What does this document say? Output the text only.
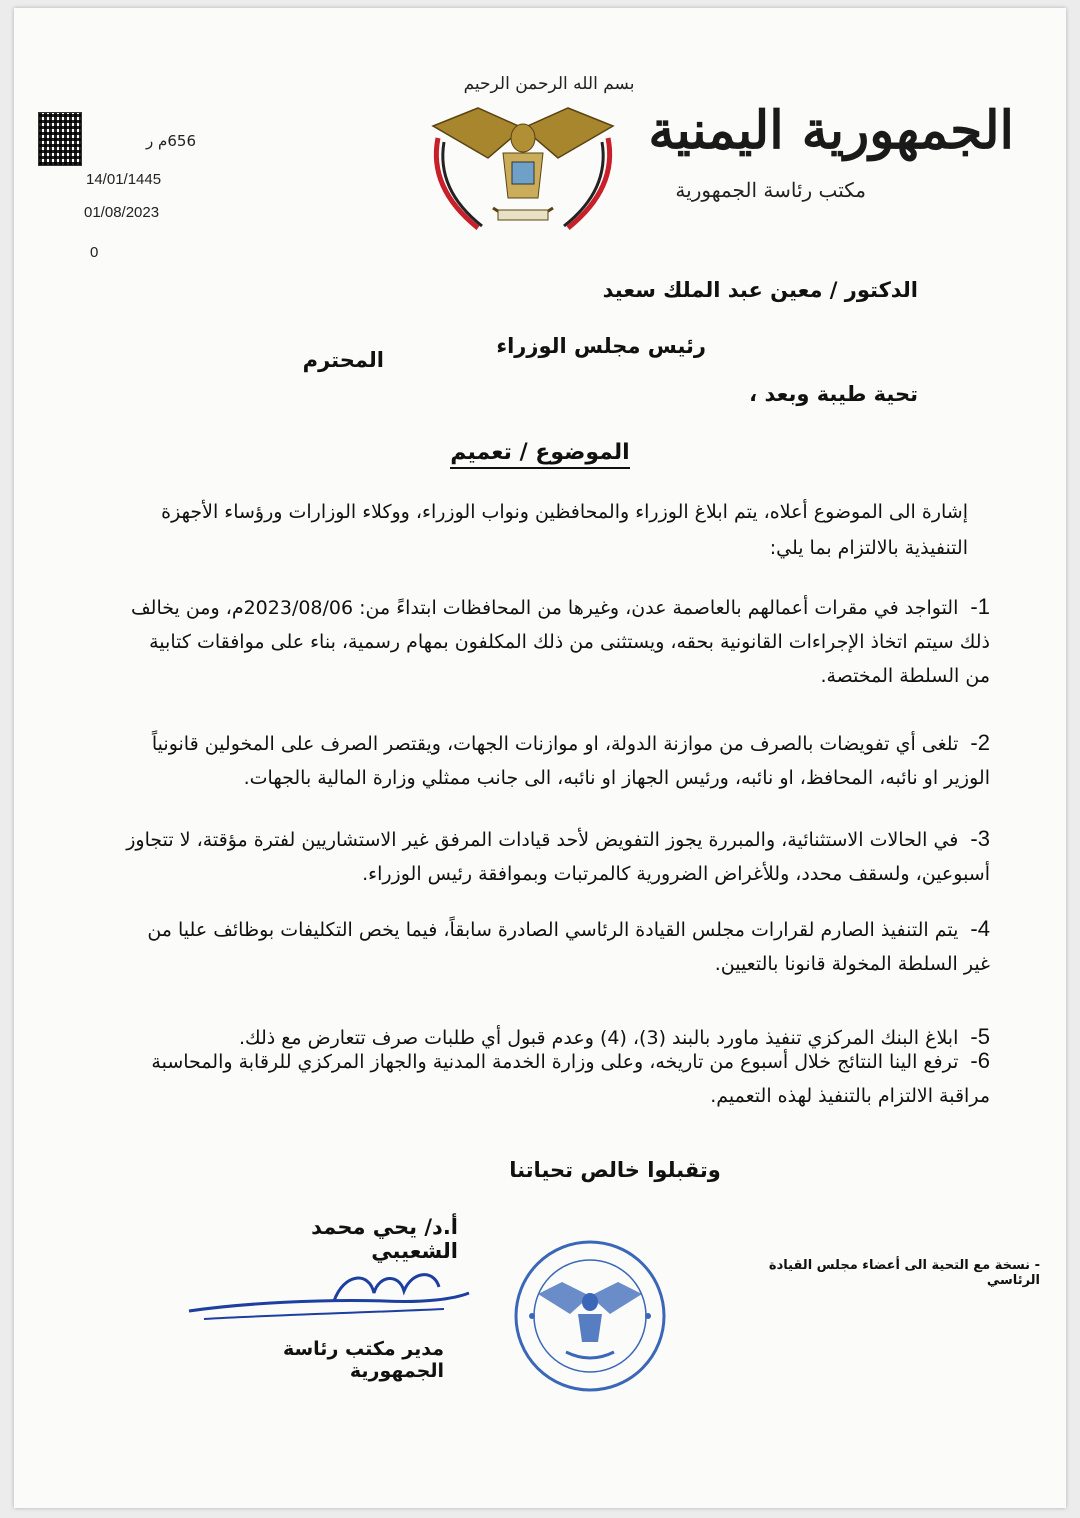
656م ر
14/01/1445
01/08/2023
0
بسم الله الرحمن الرحيم
الجمهورية اليمنية
مكتب رئاسة الجمهورية
الدكتور / معين عبد الملك سعيد
رئيس مجلس الوزراء
المحترم
تحية طيبة وبعد ،
الموضوع / تعميم
إشارة الى الموضوع أعلاه، يتم ابلاغ الوزراء والمحافظين ونواب الوزراء، ووكلاء الوزارات ورؤساء الأجهزة التنفيذية بالالتزام بما يلي:
1- التواجد في مقرات أعمالهم بالعاصمة عدن، وغيرها من المحافظات ابتداءً من: 2023/08/06م، ومن يخالف ذلك سيتم اتخاذ الإجراءات القانونية بحقه، ويستثنى من ذلك المكلفون بمهام رسمية، بناء على موافقات كتابية من السلطة المختصة.
2- تلغى أي تفويضات بالصرف من موازنة الدولة، او موازنات الجهات، ويقتصر الصرف على المخولين قانونياً الوزير او نائبه، المحافظ، او نائبه، ورئيس الجهاز او نائبه، الى جانب ممثلي وزارة المالية بالجهات.
3- في الحالات الاستثنائية، والمبررة يجوز التفويض لأحد قيادات المرفق غير الاستشاريين لفترة مؤقتة، لا تتجاوز أسبوعين، ولسقف محدد، وللأغراض الضرورية كالمرتبات وبموافقة رئيس الوزراء.
4- يتم التنفيذ الصارم لقرارات مجلس القيادة الرئاسي الصادرة سابقاً، فيما يخص التكليفات بوظائف عليا من غير السلطة المخولة قانونا بالتعيين.
5- ابلاغ البنك المركزي تنفيذ ماورد بالبند (3)، (4) وعدم قبول أي طلبات صرف تتعارض مع ذلك.
6- ترفع الينا النتائج خلال أسبوع من تاريخه، وعلى وزارة الخدمة المدنية والجهاز المركزي للرقابة والمحاسبة مراقبة الالتزام بالتنفيذ لهذه التعميم.
وتقبلوا خالص تحياتنا
أ.د/ يحي محمد الشعيبي
مدير مكتب رئاسة الجمهورية
- نسخة مع التحية الى أعضاء مجلس القيادة الرئاسي
